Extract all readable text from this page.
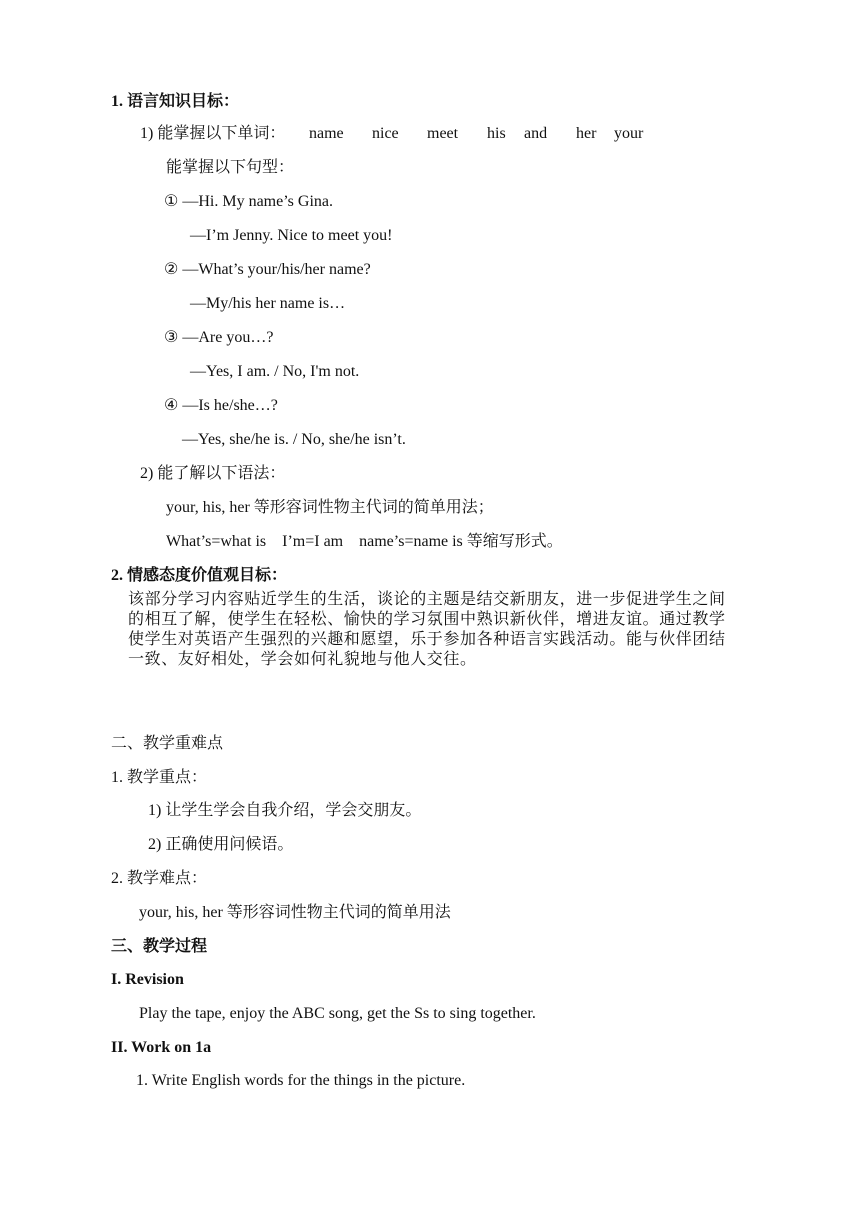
1. 语言知识目标：
1) 能掌握以下单词： name nice meet his and her your
能掌握以下句型：
① —Hi. My name’s Gina.
—I’m Jenny. Nice to meet you!
② —What’s your/his/her name?
—My/his her name is…
③ —Are you…?
—Yes, I am. / No, I'm not.
④ —Is he/she…?
—Yes, she/he is. / No, she/he isn’t.
2) 能了解以下语法：
your, his, her 等形容词性物主代词的简单用法；
What’s=what is    I’m=I am    name’s=name is 等缩写形式。
2. 情感态度价值观目标：
该部分学习内容贴近学生的生活，谈论的主题是结交新朋友，进一步促进学生之间
的相互了解，使学生在轻松、愉快的学习氛围中熟识新伙伴，增进友谊。通过教学
使学生对英语产生强烈的兴趣和愿望，乐于参加各种语言实践活动。能与伙伴团结
一致、友好相处，学会如何礼貌地与他人交往。
二、教学重难点
1. 教学重点：
1) 让学生学会自我介绍，学会交朋友。
2) 正确使用问候语。
2. 教学难点：
your, his, her 等形容词性物主代词的简单用法
三、教学过程
I. Revision
Play the tape, enjoy the ABC song, get the Ss to sing together.
II. Work on 1a
1. Write English words for the things in the picture.
